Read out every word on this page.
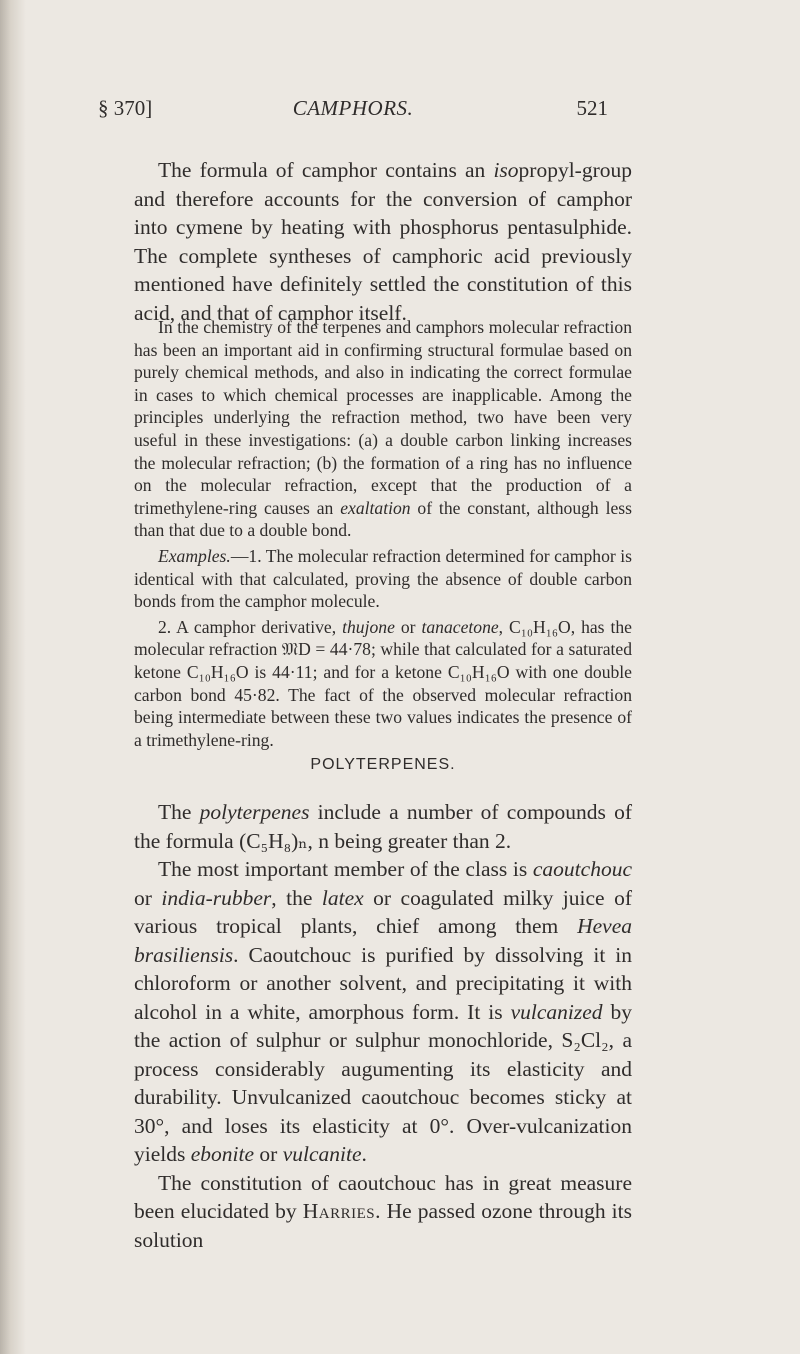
§ 370]	CAMPHORS.	521

The formula of camphor contains an isopropyl-group and therefore accounts for the conversion of camphor into cymene by heating with phosphorus pentasulphide. The complete syntheses of camphoric acid previously mentioned have definitely settled the constitution of this acid, and that of camphor itself.

In the chemistry of the terpenes and camphors molecular refraction has been an important aid in confirming structural formulae based on purely chemical methods, and also in indicating the correct formulae in cases to which chemical processes are inapplicable. Among the principles underlying the refraction method, two have been very useful in these investigations: (a) a double carbon linking increases the molecular refraction; (b) the formation of a ring has no influence on the molecular refraction, except that the production of a trimethylene-ring causes an exaltation of the constant, although less than that due to a double bond.

Examples.—1. The molecular refraction determined for camphor is identical with that calculated, proving the absence of double carbon bonds from the camphor molecule.

2. A camphor derivative, thujone or tanacetone, C₁₀H₁₆O, has the molecular refraction 𝔐D = 44·78; while that calculated for a saturated ketone C₁₀H₁₆O is 44·11; and for a ketone C₁₀H₁₆O with one double carbon bond 45·82. The fact of the observed molecular refraction being intermediate between these two values indicates the presence of a trimethylene-ring.

POLYTERPENES.

The polyterpenes include a number of compounds of the formula (C₅H₈)ₙ, n being greater than 2.

The most important member of the class is caoutchouc or india-rubber, the latex or coagulated milky juice of various tropical plants, chief among them Hevea brasiliensis. Caoutchouc is purified by dissolving it in chloroform or another solvent, and precipitating it with alcohol in a white, amorphous form. It is vulcanized by the action of sulphur or sulphur monochloride, S₂Cl₂, a process considerably augumenting its elasticity and durability. Unvulcanized caoutchouc becomes sticky at 30°, and loses its elasticity at 0°. Over-vulcanization yields ebonite or vulcanite.

The constitution of caoutchouc has in great measure been elucidated by Harries. He passed ozone through its solution
